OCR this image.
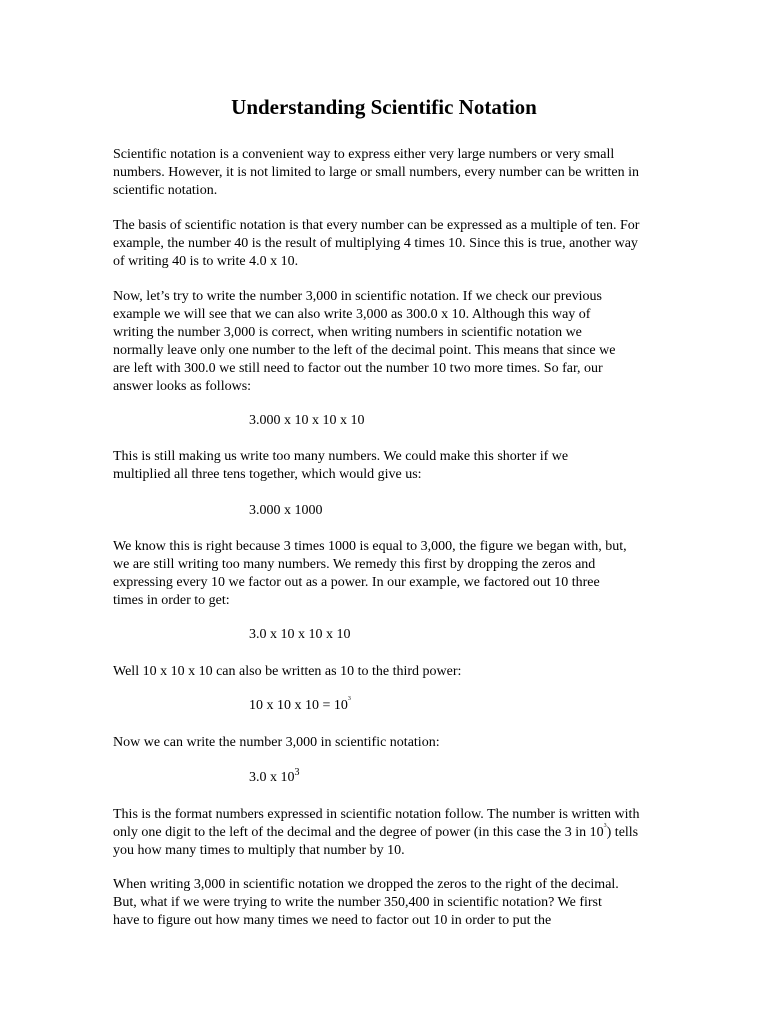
Understanding Scientific Notation
Scientific notation is a convenient way to express either very large numbers or very small
numbers. However, it is not limited to large or small numbers, every number can be written in
scientific notation.
The basis of scientific notation is that every number can be expressed as a multiple of ten. For
example, the number 40 is the result of multiplying 4 times 10. Since this is true, another way
of writing 40 is to write 4.0 x 10.
Now, let’s try to write the number 3,000 in scientific notation. If we check our previous
example we will see that we can also write 3,000 as 300.0 x 10. Although this way of
writing the number 3,000 is correct, when writing numbers in scientific notation we
normally leave only one number to the left of the decimal point. This means that since we
are left with 300.0 we still need to factor out the number 10 two more times. So far, our
answer looks as follows:
3.000 x 10 x 10 x 10
This is still making us write too many numbers. We could make this shorter if we
multiplied all three tens together, which would give us:
3.000 x 1000
We know this is right because 3 times 1000 is equal to 3,000, the figure we began with, but,
we are still writing too many numbers. We remedy this first by dropping the zeros and
expressing every 10 we factor out as a power. In our example, we factored out 10 three
times in order to get:
3.0 x 10 x 10 x 10
Well 10 x 10 x 10 can also be written as 10 to the third power:
10 x 10 x $10 = 10^3$
Now we can write the number 3,000 in scientific notation:
3.0 x $10^3$
This is the format numbers expressed in scientific notation follow. The number is written with
only one digit to the left of the decimal and the degree of power (in this case the 3 in $10^3$) tells
you how many times to multiply that number by 10.
When writing 3,000 in scientific notation we dropped the zeros to the right of the decimal.
But, what if we were trying to write the number 350,400 in scientific notation? We first
have to figure out how many times we need to factor out 10 in order to put the
